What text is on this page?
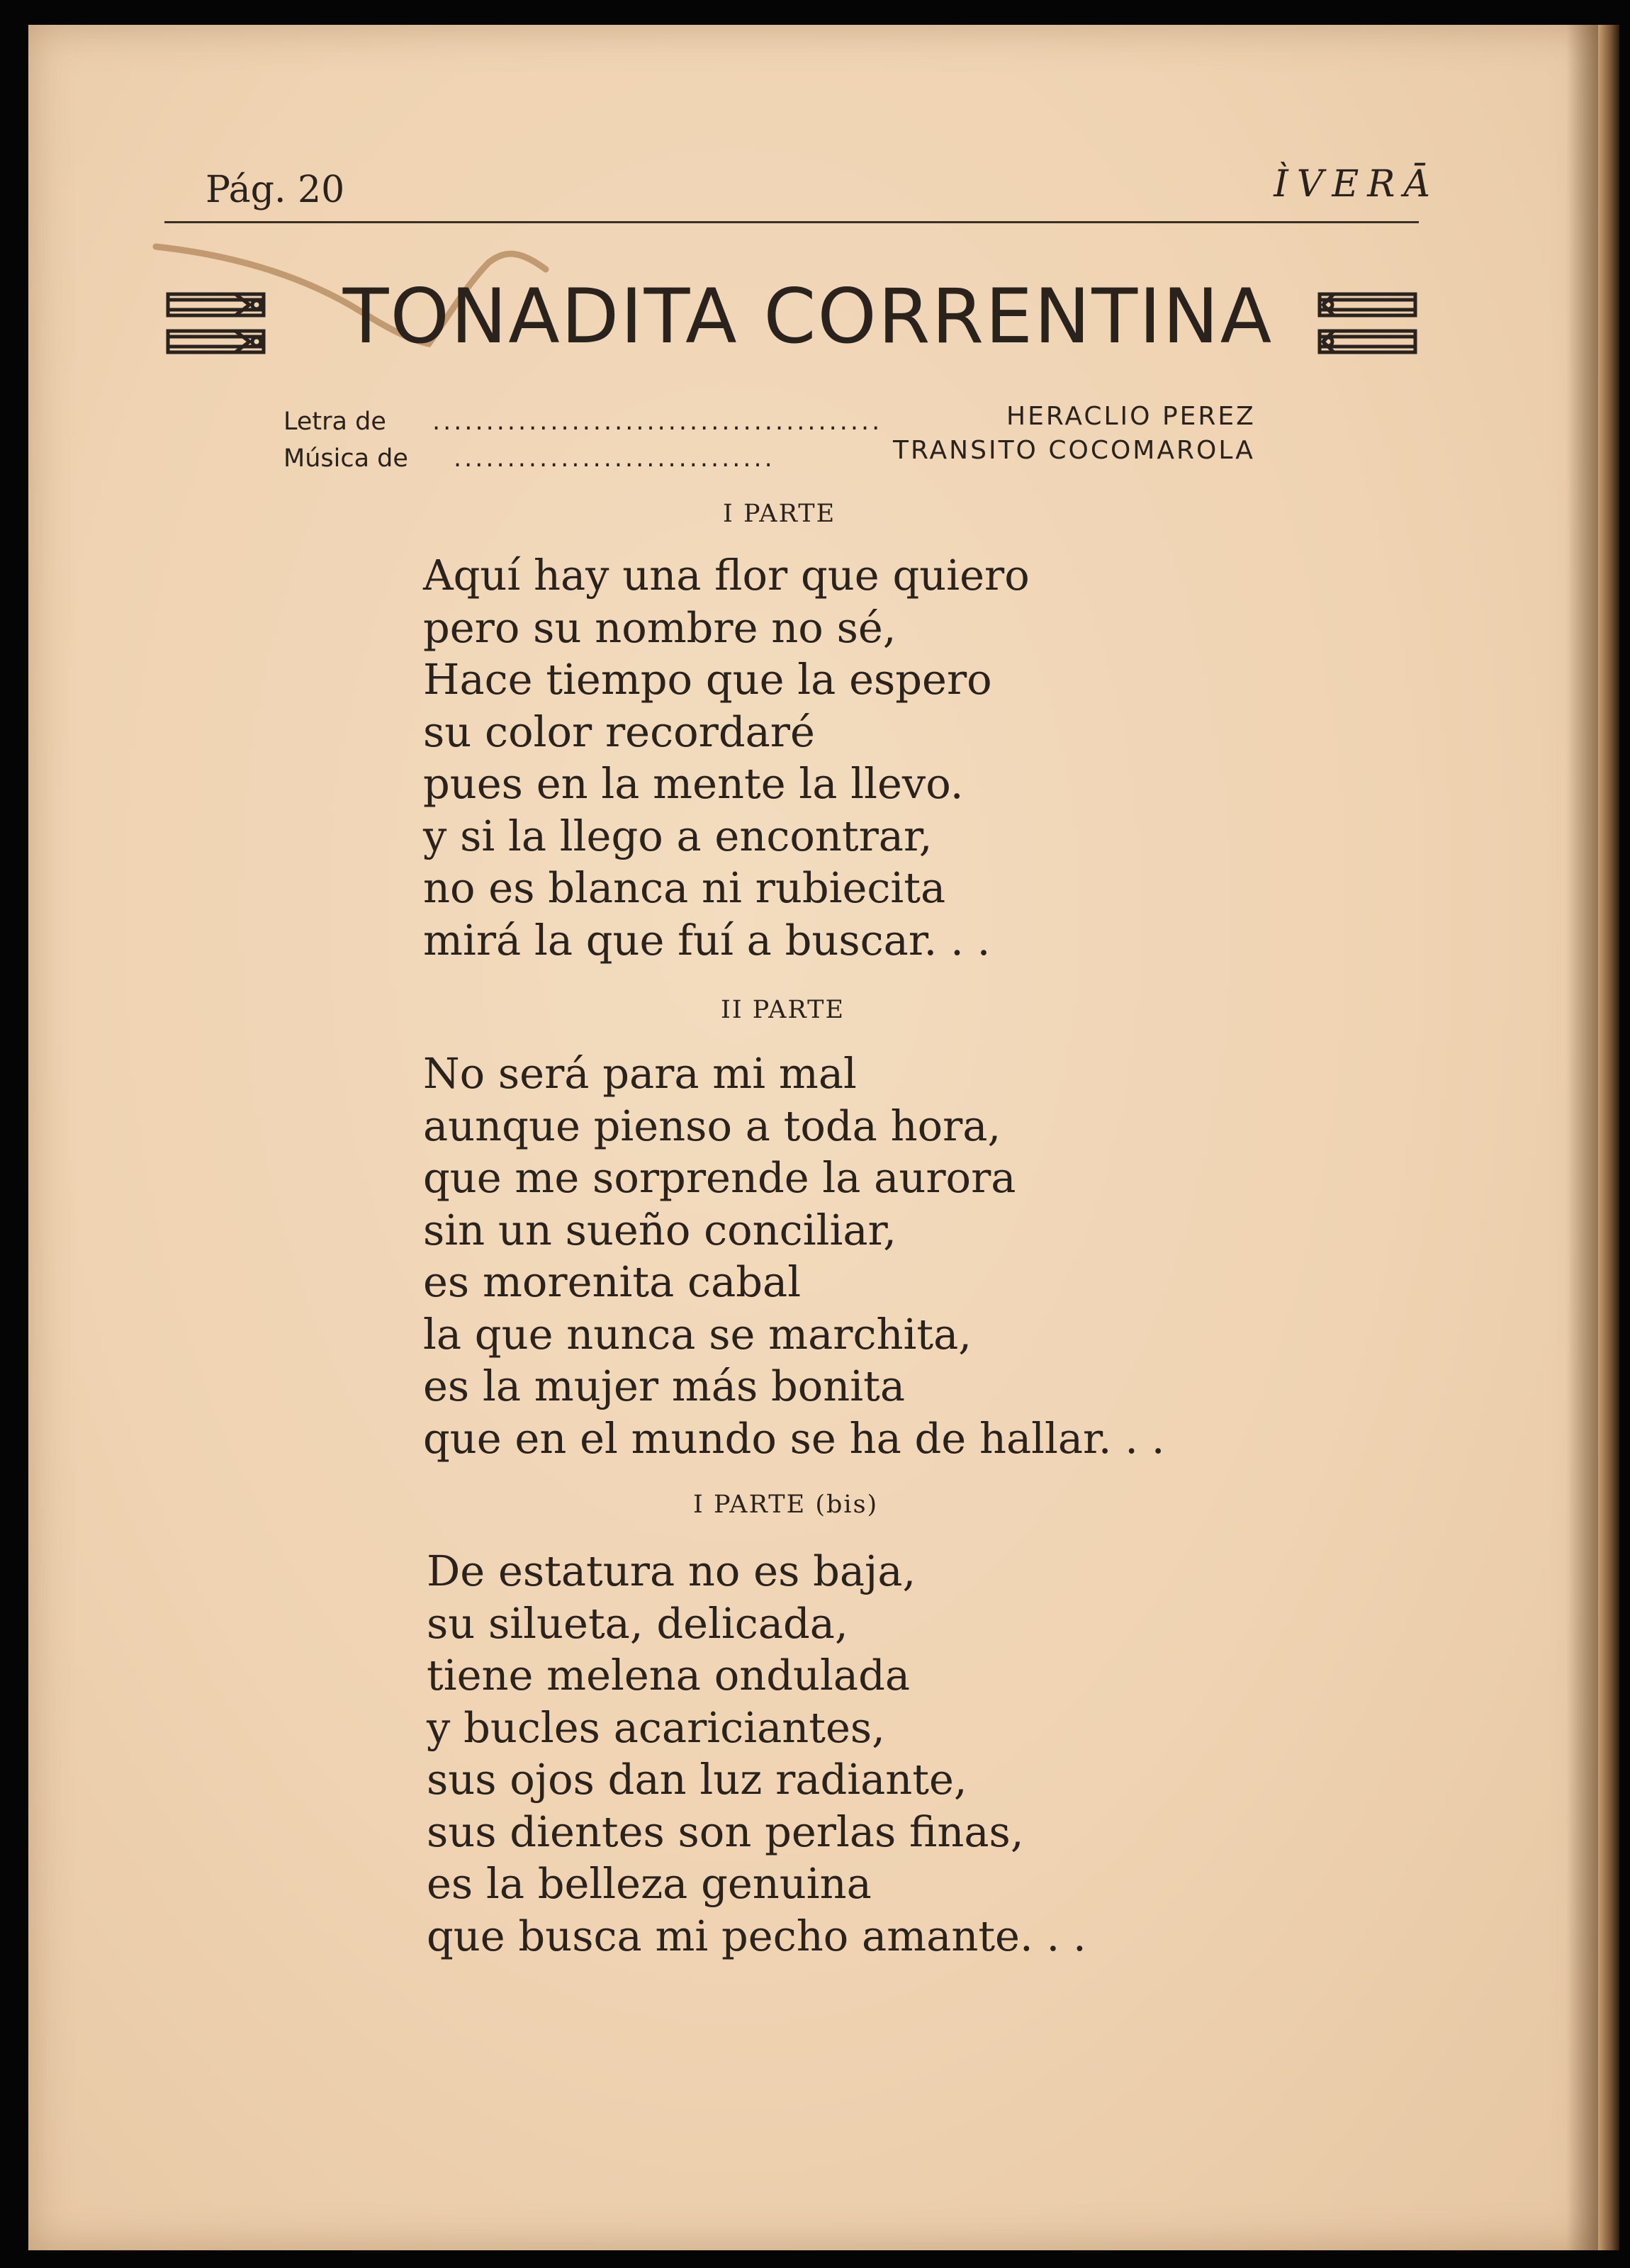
Pág. 20	ÌVERĀ
TONADITA CORRENTINA
Letra de ..........................................	HERACLIO PEREZ
Música de ..............................	TRANSITO COCOMAROLA
I PARTE
Aquí hay una flor que quiero
pero su nombre no sé,
Hace tiempo que la espero
su color recordaré
pues en la mente la llevo.
y si la llego a encontrar,
no es blanca ni rubiecita
mirá la que fuí a buscar. . .
II PARTE
No será para mi mal
aunque pienso a toda hora,
que me sorprende la aurora
sin un sueño conciliar,
es morenita cabal
la que nunca se marchita,
es la mujer más bonita
que en el mundo se ha de hallar. . .
I PARTE (bis)
De estatura no es baja,
su silueta, delicada,
tiene melena ondulada
y bucles acariciantes,
sus ojos dan luz radiante,
sus dientes son perlas finas,
es la belleza genuina
que busca mi pecho amante. . .
